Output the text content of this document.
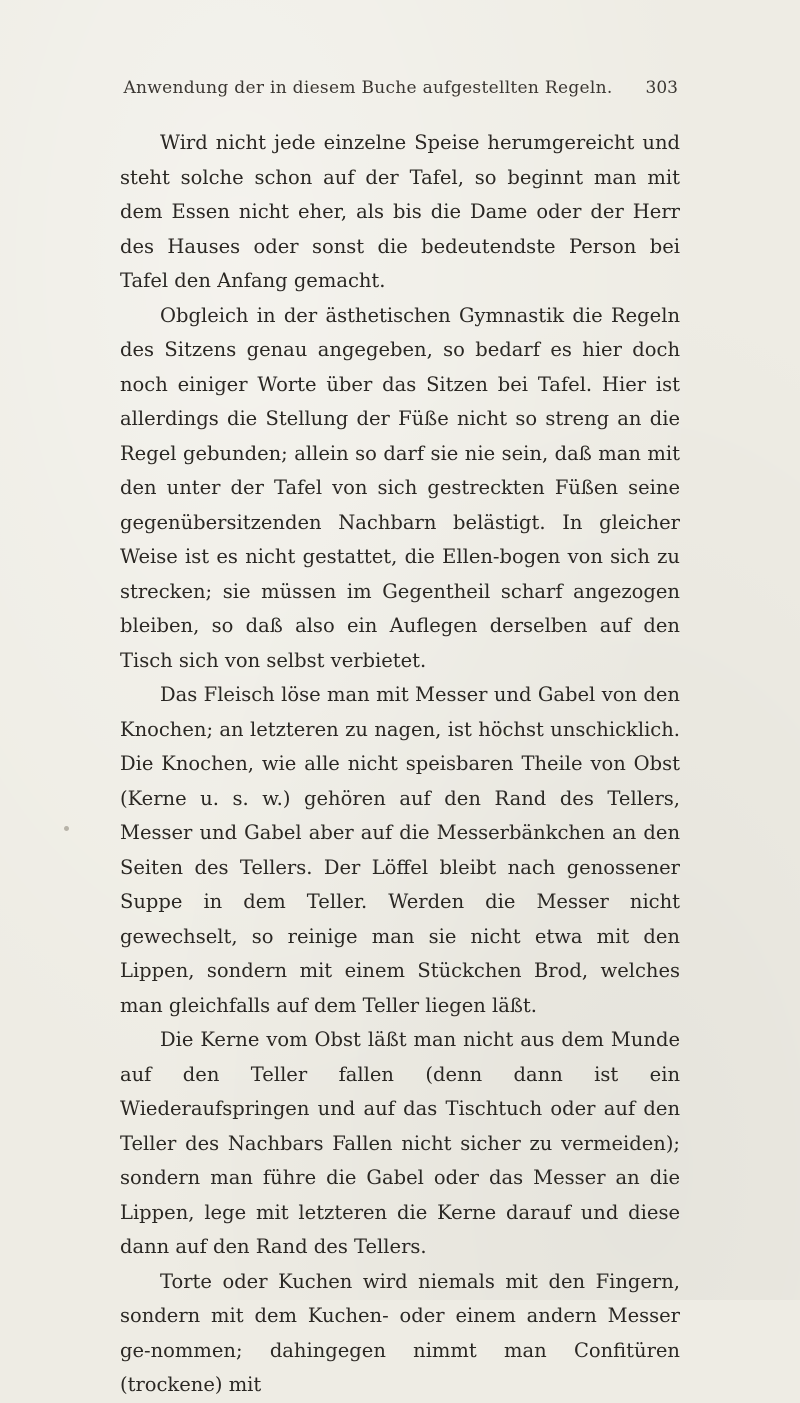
Anwendung der in diesem Buche aufgestellten Regeln.	303

Wird nicht jede einzelne Speise herumgereicht und steht solche schon auf der Tafel, so beginnt man mit dem Essen nicht eher, als bis die Dame oder der Herr des Hauses oder sonst die bedeutendste Person bei Tafel den Anfang gemacht.

Obgleich in der ästhetischen Gymnastik die Regeln des Sitzens genau angegeben, so bedarf es hier doch noch einiger Worte über das Sitzen bei Tafel. Hier ist allerdings die Stellung der Füße nicht so streng an die Regel gebunden; allein so darf sie nie sein, daß man mit den unter der Tafel von sich gestreckten Füßen seine gegenübersitzenden Nachbarn belästigt. In gleicher Weise ist es nicht gestattet, die Ellen-bogen von sich zu strecken; sie müssen im Gegentheil scharf angezogen bleiben, so daß also ein Auflegen derselben auf den Tisch sich von selbst verbietet.

Das Fleisch löse man mit Messer und Gabel von den Knochen; an letzteren zu nagen, ist höchst unschicklich. Die Knochen, wie alle nicht speisbaren Theile von Obst (Kerne u. s. w.) gehören auf den Rand des Tellers, Messer und Gabel aber auf die Messerbänkchen an den Seiten des Tellers. Der Löffel bleibt nach genossener Suppe in dem Teller. Werden die Messer nicht gewechselt, so reinige man sie nicht etwa mit den Lippen, sondern mit einem Stückchen Brod, welches man gleichfalls auf dem Teller liegen läßt.

Die Kerne vom Obst läßt man nicht aus dem Munde auf den Teller fallen (denn dann ist ein Wiederaufspringen und auf das Tischtuch oder auf den Teller des Nachbars Fallen nicht sicher zu vermeiden); sondern man führe die Gabel oder das Messer an die Lippen, lege mit letzteren die Kerne darauf und diese dann auf den Rand des Tellers.

Torte oder Kuchen wird niemals mit den Fingern, sondern mit dem Kuchen- oder einem andern Messer ge-nommen; dahingegen nimmt man Confitüren (trockene) mit
